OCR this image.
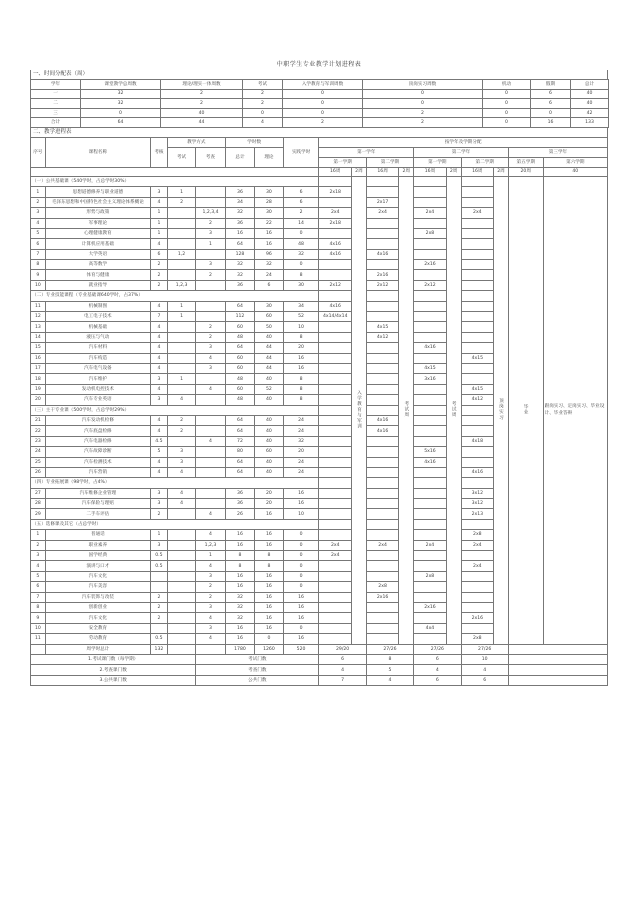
中职学生专业教学计划进程表
一、时间分配表（周）
学年	课堂教学总周数	理论/理实一体周数	考试	入学教育与军训周数	顶岗实习周数	机动	假期	总计
一	32	2	2	0	0	0	6	40
二	32	2	2	0	0	0	6	40
三	0	40	0	0	2	0	0	42
合计	64	44	4	2	2	0	16	133
二、教学进程表
序号	课程名称	考核	教学方式		学时数		实践学时	按学年及学期分配									
			考试	考查	总计	理论		第一学年				第二学年				第三学年	
								第一学期		第二学期		第一学期		第二学期		第五学期	第六学期
								16周	2周	16周	2周	16周	2周	16周	2周	20周	40
（一）公共基础课（540学时，占总学时30%）									入学教育与军训		考试周		考试周		顶岗实习	毕业	跟岗实习、定岗实习、毕业设计、毕业答辩
1	思想道德修养与职业道德	3	1		36	30	6	2x18									
2	毛泽东思想和中国特色社会主义理论体系概论	4	2		34	28	6			2x17							
3	形势与政策	1		1,2,3,4	32	30	2	2x4		2x4		2x4		2x4			
4	军事理论	1		2	36	22	14	2x18									
5	心理健康教育	1		3	16	16	0					2x8					
6	计算机应用基础	4		1	64	16	48	4x16									
7	大学英语	6	1,2		128	96	32	4x16		4x16							
8	高等数学	2		3	32	32	0					2x16					
9	体育与健康	2		2	32	24	8			2x16							
10	就业指导	2	1,2,3		36	6	30	2x12		2x12		2x12					
（二）专业技能课程（专业基础课640学时，占37%）																	
11	机械制图	4	1		64	30	34	4x16									
12	电工电子技术	7	1		112	60	52	4x14/4x14									
13	机械基础	4		2	60	50	10			4x15							
14	液压与气动	4		2	48	40	8			4x12							
15	汽车材料	4		3	64	44	20					4x16					
16	汽车构造	4		4	60	44	16							4x15			
17	汽车电气设备	4		3	60	44	16					4x15					
18	汽车维护	3	1		48	40	8					3x16					
19	发动机电控技术	4		4	60	52	8							4x15			
20	汽车专业英语	3	4		48	40	8							4x12			
（三）主干专业课（500学时，占总学时29%）																	
21	汽车发动机检修	4	2		64	40	24			4x16							
22	汽车底盘检修	4	2		64	40	24			4x16							
23	汽车电器检修	4.5		4	72	40	32							4x18			
24	汽车故障诊断	5	3		80	60	20					5x16					
25	汽车检测技术	4	3		64	40	24					4x16					
26	汽车营销	4	4		64	40	24							4x16			
（四）专业拓展课（98学时，占4%）																	
27	汽车维修企业管理	3	4		36	20	16							3x12			
28	汽车保险与理赔	3	4		36	20	16							3x12			
29	二手车评估	2		4	26	16	10							2x13			
（五）选修课及其它（占总学时）																	
1	普通话	1		4	16	16	0							2x8			
2	职业素养	3		1,2,3	16	16	0	2x4		2x4		2x4		2x4			
3	国学经典	0.5		1	8	8	0	2x4									
4	演讲与口才	0.5		4	8	8	0							2x4			
5	汽车文化			3	16	16	0					2x8					
6	汽车美容			2	16	16	0			2x8							
7	汽车装饰与改装	2		2	32	16	16			2x16							
8	创新创业	2		3	32	16	16					2x16					
9	汽车文化	2		4	32	16	16							2x16			
10	安全教育			3	16	16	0					4x4					
11	劳动教育	0.5		4	16	0	16							2x8			
	周学时总计	132			1780	1260	520	29/20		27/26		27/26		27/26			
1.考试课门数（每学期）				考试门数				6		8		6		10			
2.考查课门数				考查门数				4		5		4		4			
3.公共课门数				公共门数				7		4		6		6			
